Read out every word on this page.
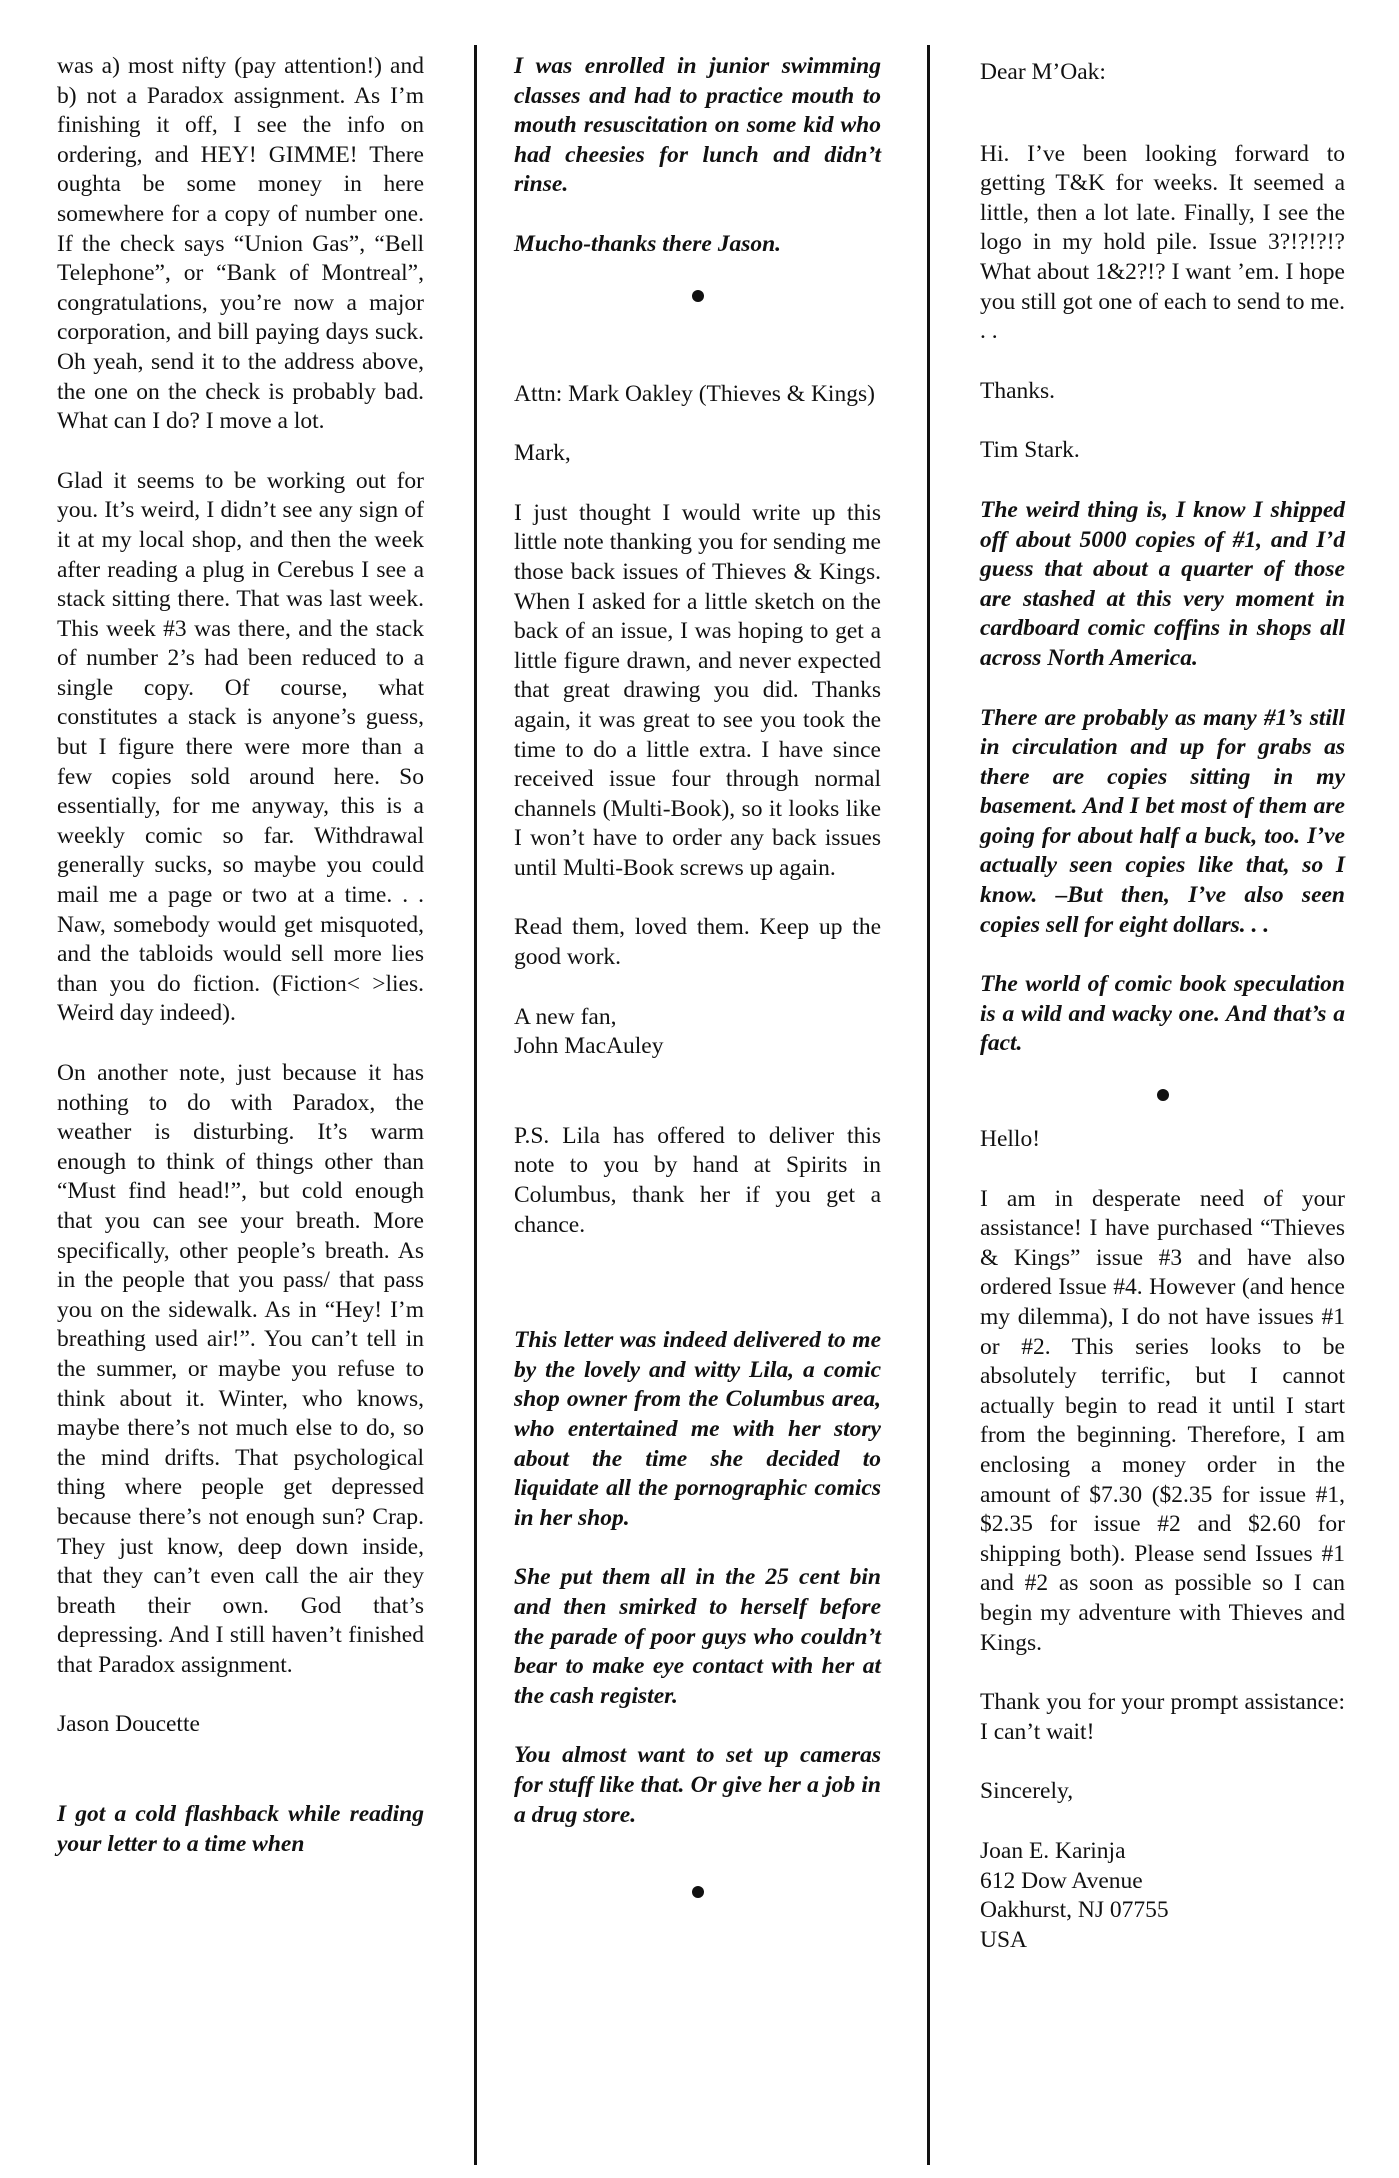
was a) most nifty (pay attention!) and b) not a Paradox assignment. As I’m finishing it off, I see the info on ordering, and HEY! GIMME! There oughta be some money in here somewhere for a copy of number one. If the check says “Union Gas”, “Bell Telephone”, or “Bank of Montreal”, congratulations, you’re now a major corporation, and bill paying days suck. Oh yeah, send it to the address above, the one on the check is probably bad. What can I do? I move a lot.

Glad it seems to be working out for you. It’s weird, I didn’t see any sign of it at my local shop, and then the week after reading a plug in Cerebus I see a stack sitting there. That was last week. This week #3 was there, and the stack of number 2’s had been reduced to a single copy. Of course, what constitutes a stack is anyone’s guess, but I figure there were more than a few copies sold around here. So essentially, for me anyway, this is a weekly comic so far. Withdrawal generally sucks, so maybe you could mail me a page or two at a time. . . Naw, somebody would get misquoted, and the tabloids would sell more lies than you do fiction. (Fiction< >lies. Weird day indeed).

On another note, just because it has nothing to do with Paradox, the weather is disturbing. It’s warm enough to think of things other than “Must find head!”, but cold enough that you can see your breath. More specifically, other people’s breath. As in the people that you pass/ that pass you on the sidewalk. As in “Hey! I’m breathing used air!”. You can’t tell in the summer, or maybe you refuse to think about it. Winter, who knows, maybe there’s not much else to do, so the mind drifts. That psychological thing where people get depressed because there’s not enough sun? Crap. They just know, deep down inside, that they can’t even call the air they breath their own. God that’s depressing. And I still haven’t finished that Paradox assignment.

Jason Doucette

I got a cold flashback while reading your letter to a time when

I was enrolled in junior swimming classes and had to practice mouth to mouth resuscitation on some kid who had cheesies for lunch and didn’t rinse.

Mucho-thanks there Jason.

Attn: Mark Oakley (Thieves & Kings)

Mark,

I just thought I would write up this little note thanking you for sending me those back issues of Thieves & Kings. When I asked for a little sketch on the back of an issue, I was hoping to get a little figure drawn, and never expected that great drawing you did. Thanks again, it was great to see you took the time to do a little extra. I have since received issue four through normal channels (Multi-Book), so it looks like I won’t have to order any back issues until Multi-Book screws up again.

Read them, loved them. Keep up the good work.

A new fan,
John MacAuley

P.S. Lila has offered to deliver this note to you by hand at Spirits in Columbus, thank her if you get a chance.

This letter was indeed delivered to me by the lovely and witty Lila, a comic shop owner from the Columbus area, who entertained me with her story about the time she decided to liquidate all the pornographic comics in her shop.

She put them all in the 25 cent bin and then smirked to herself before the parade of poor guys who couldn’t bear to make eye contact with her at the cash register.

You almost want to set up cameras for stuff like that. Or give her a job in a drug store.

Dear M’Oak:

Hi. I’ve been looking forward to getting T&K for weeks. It seemed a little, then a lot late. Finally, I see the logo in my hold pile. Issue 3?!?!?!? What about 1&2?!? I want ’em. I hope you still got one of each to send to me. . .

Thanks.

Tim Stark.

The weird thing is, I know I shipped off about 5000 copies of #1, and I’d guess that about a quarter of those are stashed at this very moment in cardboard comic coffins in shops all across North America.

There are probably as many #1’s still in circulation and up for grabs as there are copies sitting in my basement. And I bet most of them are going for about half a buck, too. I’ve actually seen copies like that, so I know. –But then, I’ve also seen copies sell for eight dollars. . .

The world of comic book speculation is a wild and wacky one. And that’s a fact.

Hello!

I am in desperate need of your assistance! I have purchased “Thieves & Kings” issue #3 and have also ordered Issue #4. However (and hence my dilemma), I do not have issues #1 or #2. This series looks to be absolutely terrific, but I cannot actually begin to read it until I start from the beginning. Therefore, I am enclosing a money order in the amount of $7.30 ($2.35 for issue #1, $2.35 for issue #2 and $2.60 for shipping both). Please send Issues #1 and #2 as soon as possible so I can begin my adventure with Thieves and Kings.

Thank you for your prompt assistance: I can’t wait!

Sincerely,

Joan E. Karinja
612 Dow Avenue
Oakhurst, NJ 07755
USA
